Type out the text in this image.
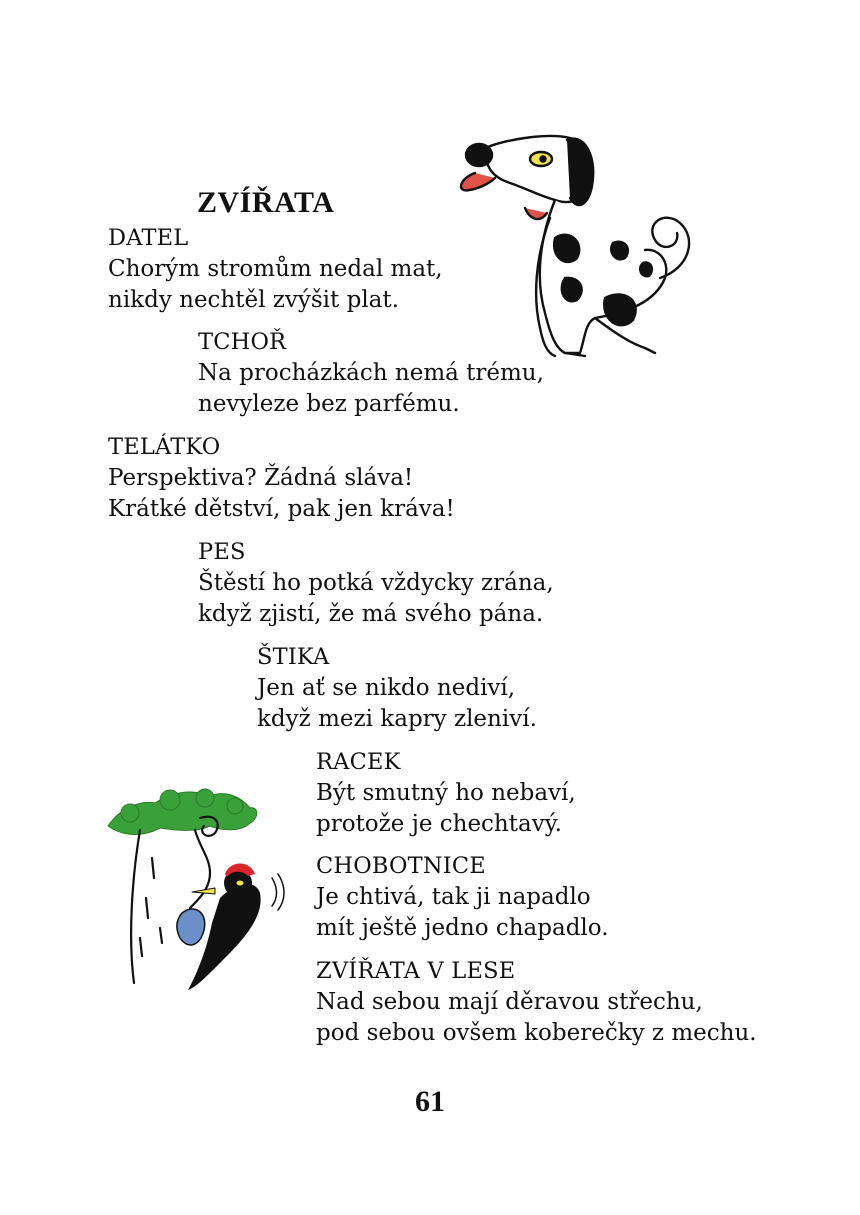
ZVÍŘATA
DATEL
Chorým stromům nedal mat,
nikdy nechtěl zvýšit plat.
TCHOŘ
Na procházkách nemá trému,
nevyleze bez parfému.
TELÁTKO
Perspektiva? Žádná sláva!
Krátké dětství, pak jen kráva!
PES
Štěstí ho potká vždycky zrána,
když zjistí, že má svého pána.
ŠTIKA
Jen ať se nikdo nediví,
když mezi kapry zleniví.
RACEK
Být smutný ho nebaví,
protože je chechtavý.
CHOBOTNICE
Je chtivá, tak ji napadlo
mít ještě jedno chapadlo.
ZVÍŘATA V LESE
Nad sebou mají děravou střechu,
pod sebou ovšem koberečky z mechu.
61
